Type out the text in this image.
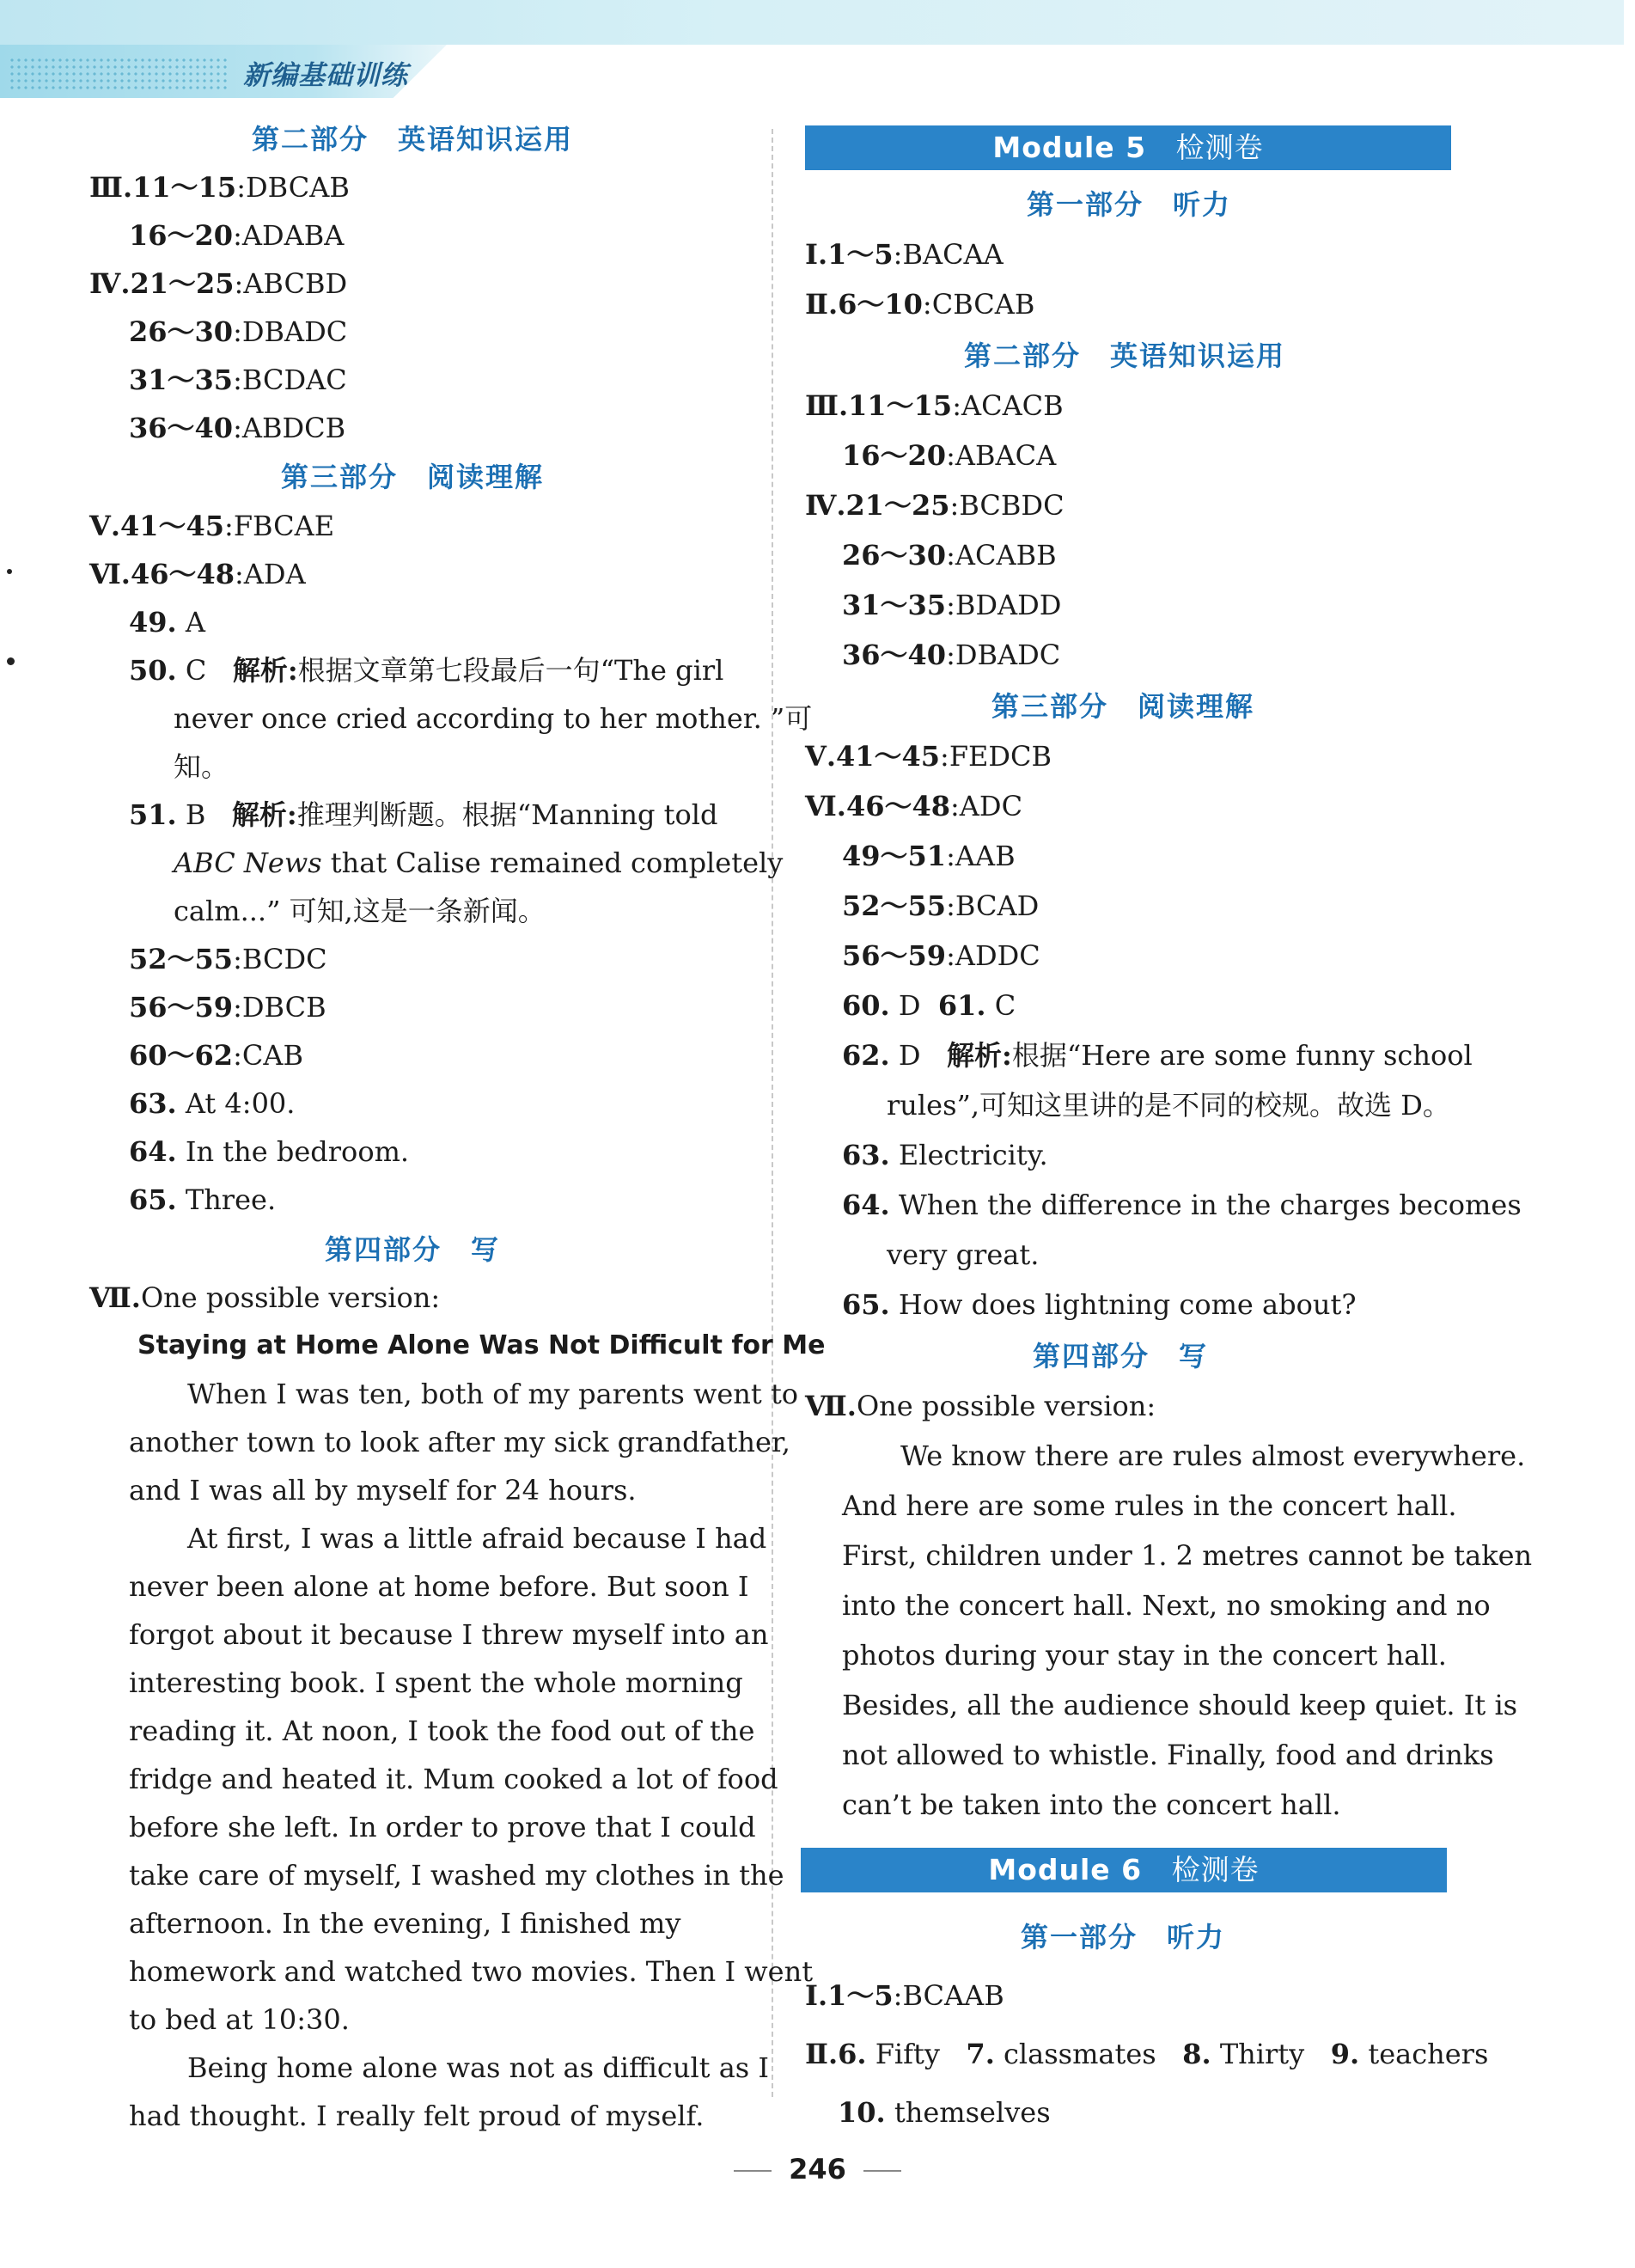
新编基础训练
第二部分　英语知识运用
Ⅲ.11～15:DBCAB
16～20:ADABA
Ⅳ.21～25:ABCBD
26～30:DBADC
31～35:BCDAC
36～40:ABDCB
第三部分　阅读理解
Ⅴ.41～45:FBCAE
Ⅵ.46～48:ADA
49. A
50. C 解析:根据文章第七段最后一句“The girl
never once cried according to her mother. ”可
知。
51. B 解析:推理判断题。根据“Manning told
ABC News that Calise remained completely
calm...” 可知,这是一条新闻。
52～55:BCDC
56～59:DBCB
60～62:CAB
63. At 4:00.
64. In the bedroom.
65. Three.
第四部分　写
Ⅶ.One possible version:
Staying at Home Alone Was Not Difficult for Me
When I was ten, both of my parents went to
another town to look after my sick grandfather,
and I was all by myself for 24 hours.
At first, I was a little afraid because I had
never been alone at home before. But soon I
forgot about it because I threw myself into an
interesting book. I spent the whole morning
reading it. At noon, I took the food out of the
fridge and heated it. Mum cooked a lot of food
before she left. In order to prove that I could
take care of myself, I washed my clothes in the
afternoon. In the evening, I finished my
homework and watched two movies. Then I went
to bed at 10:30.
Being home alone was not as difficult as I
had thought. I really felt proud of myself.
Module 5 检测卷
第一部分　听力
Ⅰ.1～5:BACAA
Ⅱ.6～10:CBCAB
第二部分　英语知识运用
Ⅲ.11～15:ACACB
16～20:ABACA
Ⅳ.21～25:BCBDC
26～30:ACABB
31～35:BDADD
36～40:DBADC
第三部分　阅读理解
Ⅴ.41～45:FEDCB
Ⅵ.46～48:ADC
49～51:AAB
52～55:BCAD
56～59:ADDC
60. D 61. C
62. D 解析:根据“Here are some funny school
rules”,可知这里讲的是不同的校规。故选 D。
63. Electricity.
64. When the difference in the charges becomes
very great.
65. How does lightning come about?
第四部分　写
Ⅶ.One possible version:
We know there are rules almost everywhere.
And here are some rules in the concert hall.
First, children under 1. 2 metres cannot be taken
into the concert hall. Next, no smoking and no
photos during your stay in the concert hall.
Besides, all the audience should keep quiet. It is
not allowed to whistle. Finally, food and drinks
can’t be taken into the concert hall.
Module 6 检测卷
第一部分　听力
Ⅰ.1～5:BCAAB
Ⅱ.6. Fifty 7. classmates 8. Thirty 9. teachers
10. themselves
246
